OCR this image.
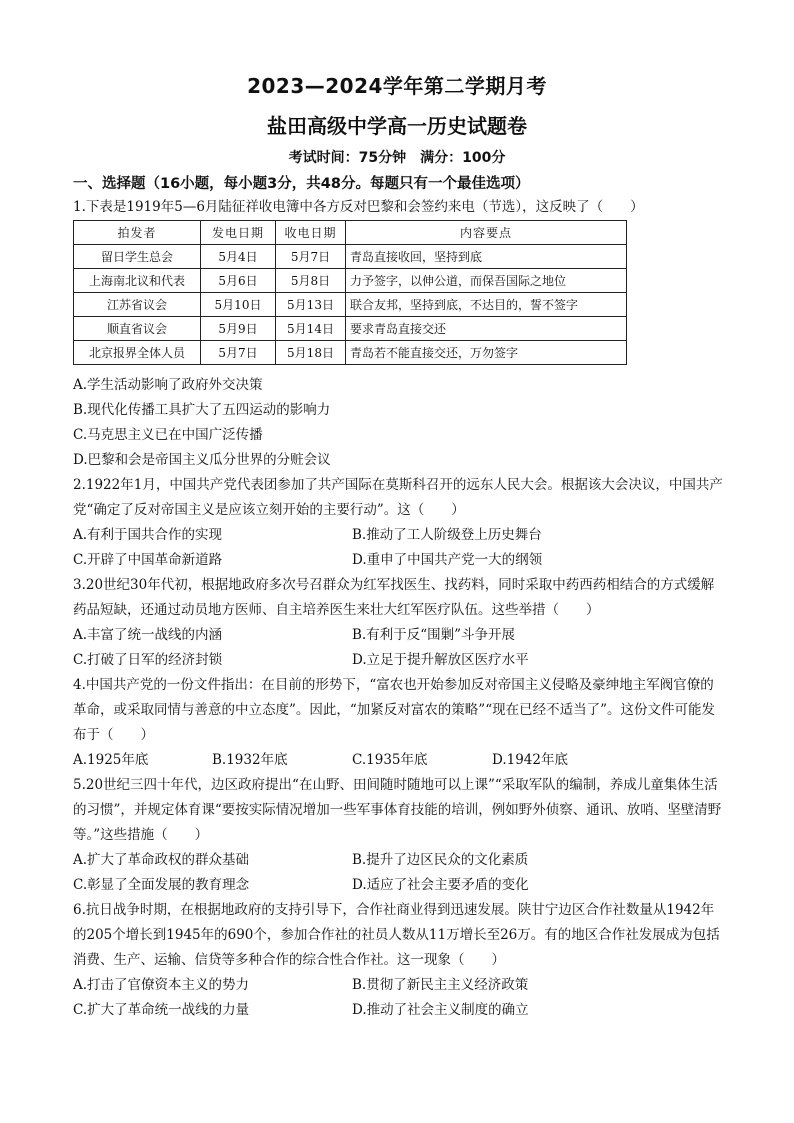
2023—2024学年第二学期月考
盐田高级中学高一历史试题卷
考试时间：75分钟 满分：100分
一、选择题（16小题，每小题3分，共48分。每题只有一个最佳选项）
1.下表是1919年5—6月陆征祥收电簿中各方反对巴黎和会签约来电（节选），这反映了（　　）
拍发者	发电日期	收电日期	内容要点
留日学生总会	5月4日	5月7日	青岛直接收回，坚持到底
上海南北议和代表	5月6日	5月8日	力予签字，以伸公道，而保吾国际之地位
江苏省议会	5月10日	5月13日	联合友邦，坚持到底，不达目的，誓不签字
顺直省议会	5月9日	5月14日	要求青岛直接交还
北京报界全体人员	5月7日	5月18日	青岛若不能直接交还，万勿签字
A.学生活动影响了政府外交决策
B.现代化传播工具扩大了五四运动的影响力
C.马克思主义已在中国广泛传播
D.巴黎和会是帝国主义瓜分世界的分赃会议
2.1922年1月，中国共产党代表团参加了共产国际在莫斯科召开的远东人民大会。根据该大会决议，中国共产党“确定了反对帝国主义是应该立刻开始的主要行动”。这（　　）
A.有利于国共合作的实现	B.推动了工人阶级登上历史舞台
C.开辟了中国革命新道路	D.重申了中国共产党一大的纲领
3.20世纪30年代初，根据地政府多次号召群众为红军找医生、找药料，同时采取中药西药相结合的方式缓解药品短缺，还通过动员地方医师、自主培养医生来壮大红军医疗队伍。这些举措（　　）
A.丰富了统一战线的内涵	B.有利于反“围剿”斗争开展
C.打破了日军的经济封锁	D.立足于提升解放区医疗水平
4.中国共产党的一份文件指出：在目前的形势下，“富农也开始参加反对帝国主义侵略及豪绅地主军阀官僚的革命，或采取同情与善意的中立态度”。因此，“加紧反对富农的策略”“现在已经不适当了”。这份文件可能发布于（　　）
A.1925年底	B.1932年底	C.1935年底	D.1942年底
5.20世纪三四十年代，边区政府提出“在山野、田间随时随地可以上课”“采取军队的编制，养成儿童集体生活的习惯”，并规定体育课“要按实际情况增加一些军事体育技能的培训，例如野外侦察、通讯、放哨、坚壁清野等。”这些措施（　　）
A.扩大了革命政权的群众基础	B.提升了边区民众的文化素质
C.彰显了全面发展的教育理念	D.适应了社会主要矛盾的变化
6.抗日战争时期，在根据地政府的支持引导下，合作社商业得到迅速发展。陕甘宁边区合作社数量从1942年的205个增长到1945年的690个，参加合作社的社员人数从11万增长至26万。有的地区合作社发展成为包括消费、生产、运输、信贷等多种合作的综合性合作社。这一现象（　　）
A.打击了官僚资本主义的势力	B.贯彻了新民主主义经济政策
C.扩大了革命统一战线的力量	D.推动了社会主义制度的确立
